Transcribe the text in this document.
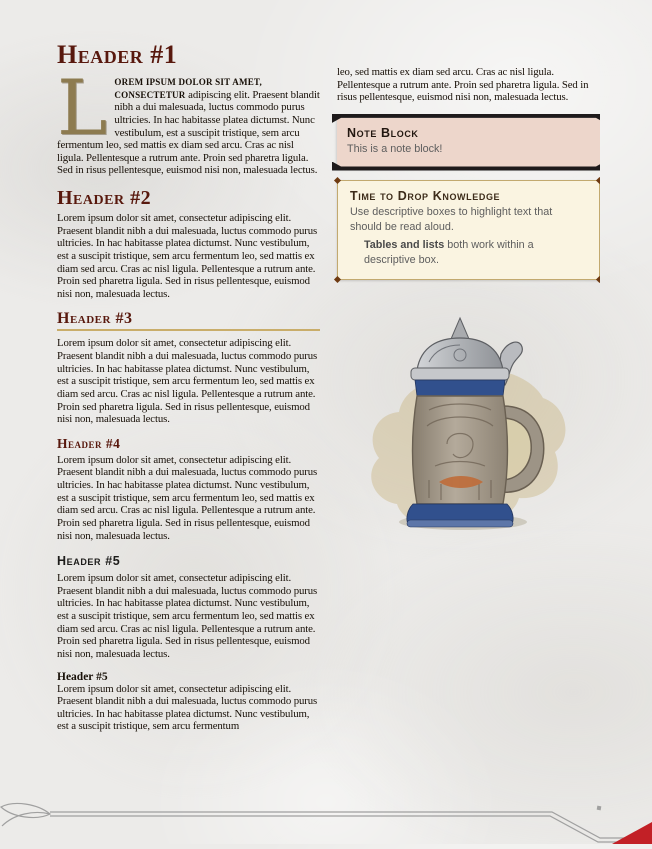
Header #1

LOREM IPSUM DOLOR SIT AMET, CONSECTETUR adipiscing elit. Praesent blandit nibh a dui malesuada, luctus commodo purus ultricies. In hac habitasse platea dictumst. Nunc vestibulum, est a suscipit tristique, sem arcu fermentum leo, sed mattis ex diam sed arcu. Cras ac nisl ligula. Pellentesque a rutrum ante. Proin sed pharetra ligula. Sed in risus pellentesque, euismod nisi non, malesuada lectus.

Header #2

Lorem ipsum dolor sit amet, consectetur adipiscing elit. Praesent blandit nibh a dui malesuada, luctus commodo purus ultricies. In hac habitasse platea dictumst. Nunc vestibulum, est a suscipit tristique, sem arcu fermentum leo, sed mattis ex diam sed arcu. Cras ac nisl ligula. Pellentesque a rutrum ante. Proin sed pharetra ligula. Sed in risus pellentesque, euismod nisi non, malesuada lectus.

Header #3

Lorem ipsum dolor sit amet, consectetur adipiscing elit. Praesent blandit nibh a dui malesuada, luctus commodo purus ultricies. In hac habitasse platea dictumst. Nunc vestibulum, est a suscipit tristique, sem arcu fermentum leo, sed mattis ex diam sed arcu. Cras ac nisl ligula. Pellentesque a rutrum ante. Proin sed pharetra ligula. Sed in risus pellentesque, euismod nisi non, malesuada lectus.

Header #4

Lorem ipsum dolor sit amet, consectetur adipiscing elit. Praesent blandit nibh a dui malesuada, luctus commodo purus ultricies. In hac habitasse platea dictumst. Nunc vestibulum, est a suscipit tristique, sem arcu fermentum leo, sed mattis ex diam sed arcu. Cras ac nisl ligula. Pellentesque a rutrum ante. Proin sed pharetra ligula. Sed in risus pellentesque, euismod nisi non, malesuada lectus.

Header #5

Lorem ipsum dolor sit amet, consectetur adipiscing elit. Praesent blandit nibh a dui malesuada, luctus commodo purus ultricies. In hac habitasse platea dictumst. Nunc vestibulum, est a suscipit tristique, sem arcu fermentum leo, sed mattis ex diam sed arcu. Cras ac nisl ligula. Pellentesque a rutrum ante. Proin sed pharetra ligula. Sed in risus pellentesque, euismod nisi non, malesuada lectus.

Header #5

Lorem ipsum dolor sit amet, consectetur adipiscing elit. Praesent blandit nibh a dui malesuada, luctus commodo purus ultricies. In hac habitasse platea dictumst. Nunc vestibulum, est a suscipit tristique, sem arcu fermentum

leo, sed mattis ex diam sed arcu. Cras ac nisl ligula. Pellentesque a rutrum ante. Proin sed pharetra ligula. Sed in risus pellentesque, euismod nisi non, malesuada lectus.

Note Block

This is a note block!

Time to Drop Knowledge

Use descriptive boxes to highlight text that should be read aloud.

Tables and lists both work within a descriptive box.
